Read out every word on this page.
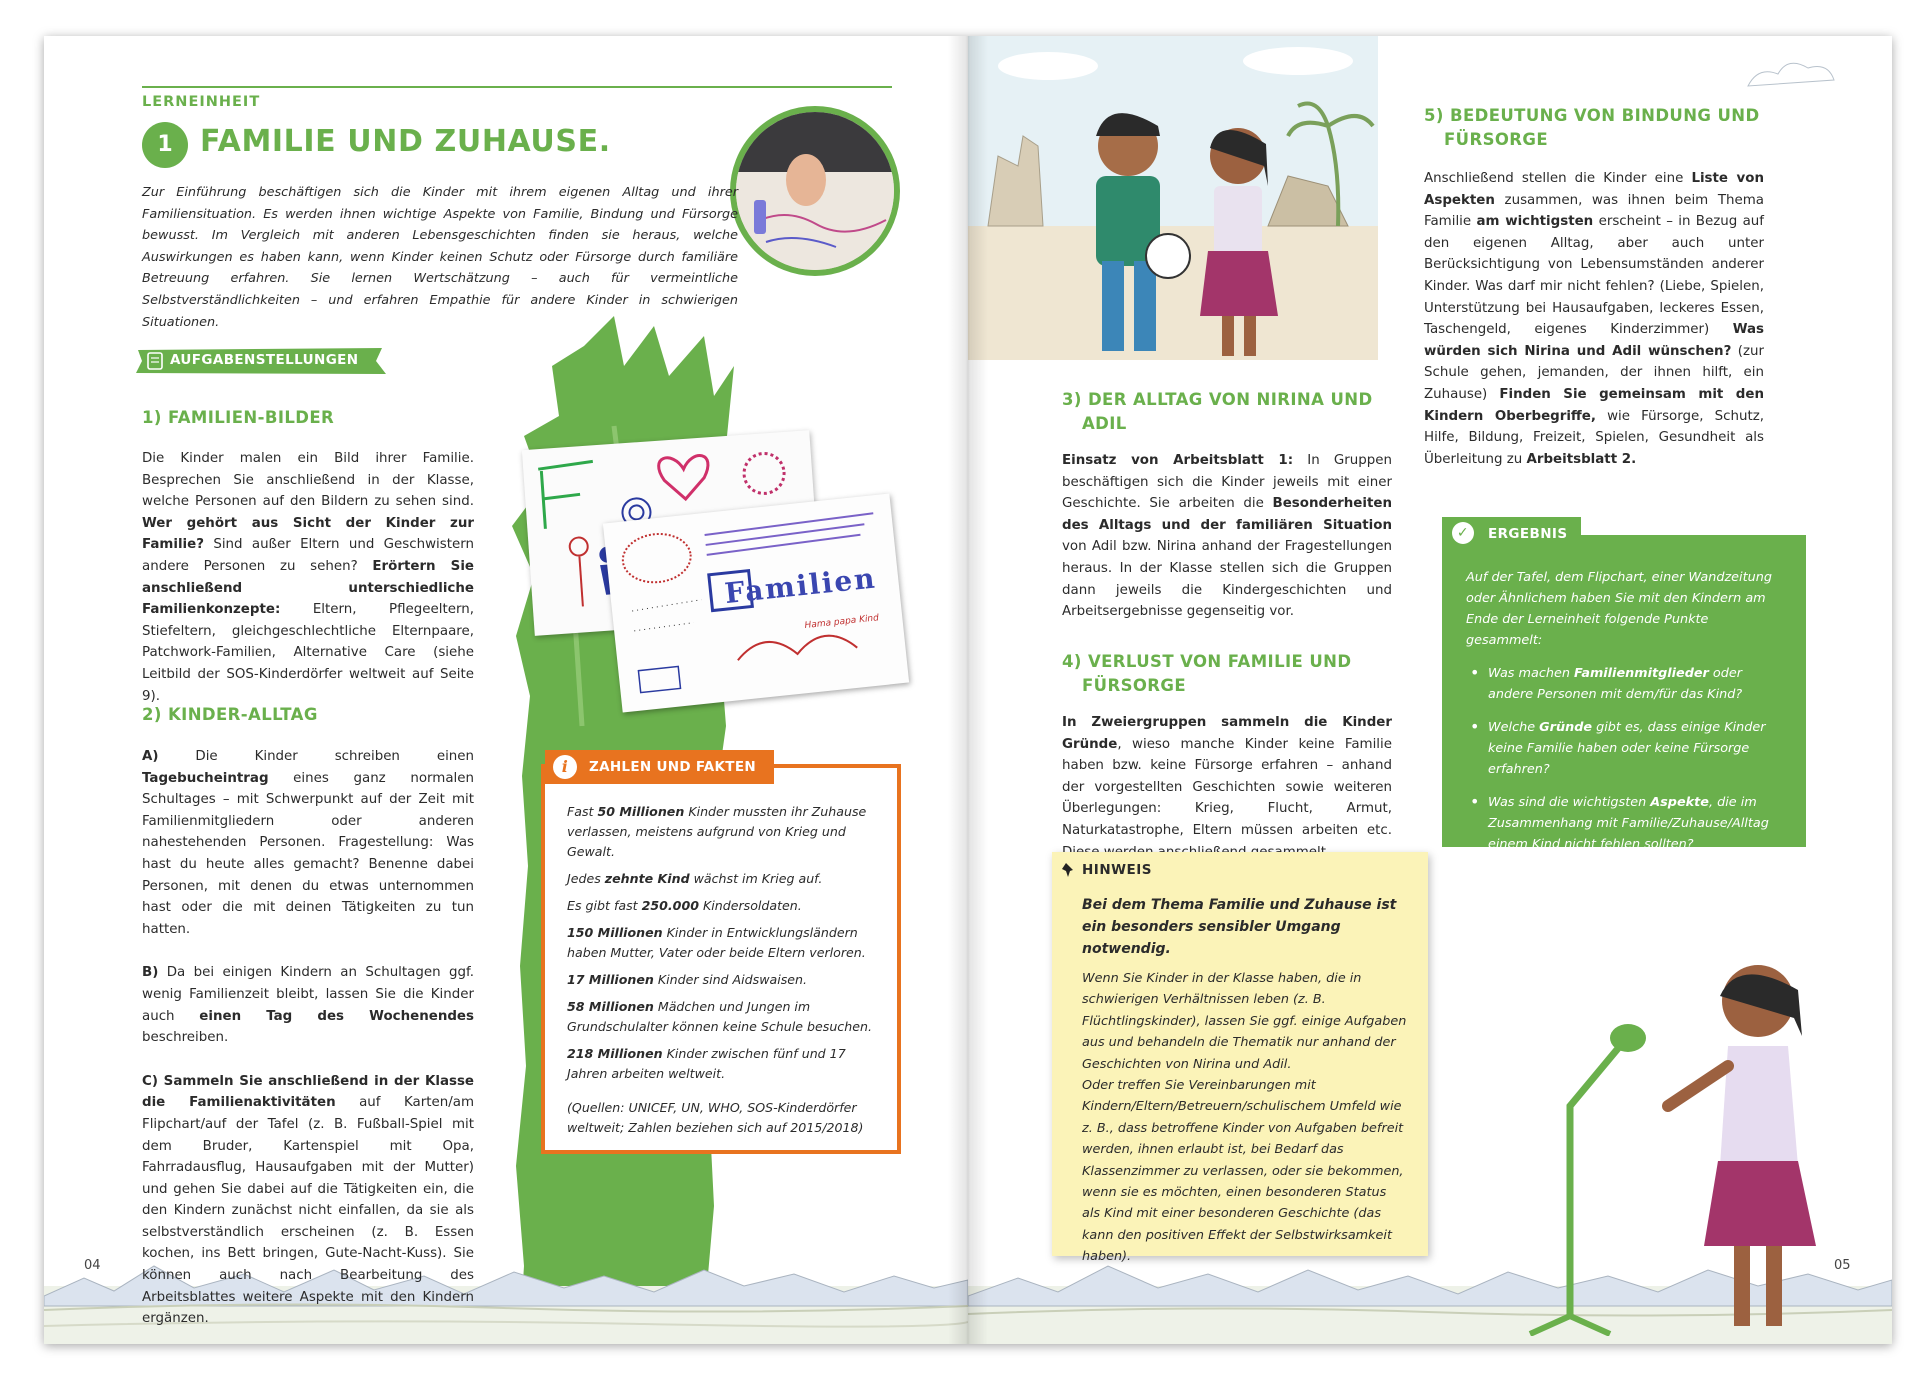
LERNEINHEIT
1 FAMILIE UND ZUHAUSE.

Zur Einführung beschäftigen sich die Kinder mit ihrem eigenen Alltag und ihrer Familiensituation. Es werden ihnen wichtige Aspekte von Familie, Bindung und Fürsorge bewusst. Im Vergleich mit anderen Lebensgeschichten finden sie heraus, welche Auswirkungen es haben kann, wenn Kinder keinen Schutz oder Fürsorge durch familiäre Betreuung erfahren. Sie lernen Wertschätzung – auch für vermeintliche Selbstverständlichkeiten – und erfahren Empathie für andere Kinder in schwierigen Situationen.

AUFGABENSTELLUNGEN

1) FAMILIEN-BILDER

Die Kinder malen ein Bild ihrer Familie. Besprechen Sie anschließend in der Klasse, welche Personen auf den Bildern zu sehen sind. Wer gehört aus Sicht der Kinder zur Familie? Sind außer Eltern und Geschwistern andere Personen zu sehen? Erörtern Sie anschließend unterschiedliche Familienkonzepte: Eltern, Pflegeeltern, Stiefeltern, gleichgeschlechtliche Elternpaare, Patchwork-Familien, Alternative Care (siehe Leitbild der SOS-Kinderdörfer weltweit auf Seite 9).

2) KINDER-ALLTAG

A) Die Kinder schreiben einen Tagebucheintrag eines ganz normalen Schultages – mit Schwerpunkt auf der Zeit mit Familienmitgliedern oder anderen nahestehenden Personen. Fragestellung: Was hast du heute alles gemacht? Benenne dabei Personen, mit denen du etwas unternommen hast oder die mit deinen Tätigkeiten zu tun hatten.

B) Da bei einigen Kindern an Schultagen ggf. wenig Familienzeit bleibt, lassen Sie die Kinder auch einen Tag des Wochenendes beschreiben.

C) Sammeln Sie anschließend in der Klasse die Familienaktivitäten auf Karten/am Flipchart/auf der Tafel (z. B. Fußball-Spiel mit dem Bruder, Kartenspiel mit Opa, Fahrradausflug, Hausaufgaben mit der Mutter) und gehen Sie dabei auf die Tätigkeiten ein, die den Kindern zunächst nicht einfallen, da sie als selbstverständlich erscheinen (z. B. Essen kochen, ins Bett bringen, Gute-Nacht-Kuss). Sie können auch nach Bearbeitung des Arbeitsblattes weitere Aspekte mit den Kindern ergänzen.

Familien
Hama papa Kind
i	ZAHLEN UND FAKTEN

Fast 50 Millionen Kinder mussten ihr Zuhause verlassen, meistens aufgrund von Krieg und Gewalt.

Jedes zehnte Kind wächst im Krieg auf.

Es gibt fast 250.000 Kindersoldaten.

150 Millionen Kinder in Entwicklungsländern haben Mutter, Vater oder beide Eltern verloren.

17 Millionen Kinder sind Aidswaisen.

58 Millionen Mädchen und Jungen im Grundschulalter können keine Schule besuchen.

218 Millionen Kinder zwischen fünf und 17 Jahren arbeiten weltweit.

(Quellen: UNICEF, UN, WHO, SOS-Kinderdörfer weltweit; Zahlen beziehen sich auf 2015/2018)

04

3) DER ALLTAG VON NIRINA UND

ADIL

Einsatz von Arbeitsblatt 1: In Gruppen beschäftigen sich die Kinder jeweils mit einer Geschichte. Sie arbeiten die Besonderheiten des Alltags und der familiären Situation von Adil bzw. Nirina anhand der Fragestellungen heraus. In der Klasse stellen sich die Gruppen dann jeweils die Kindergeschichten und Arbeitsergebnisse gegenseitig vor.

4) VERLUST VON FAMILIE UND

FÜRSORGE

In Zweiergruppen sammeln die Kinder Gründe, wieso manche Kinder keine Familie haben bzw. keine Fürsorge erfahren – anhand der vorgestellten Geschichten sowie weiteren Überlegungen: Krieg, Flucht, Armut, Naturkatastrophe, Eltern müssen arbeiten etc.

5) BEDEUTUNG VON BINDUNG UND

FÜRSORGE

Anschließend stellen die Kinder eine Liste von Aspekten zusammen, was ihnen beim Thema Familie am wichtigsten erscheint – in Bezug auf den eigenen Alltag, aber auch unter Berücksichtigung von Lebensumständen anderer Kinder. Was darf mir nicht fehlen? (Liebe, Spielen, Unterstützung bei Hausaufgaben, leckeres Essen, Taschengeld, eigenes Kinderzimmer) Was würden sich Nirina und Adil wünschen? (zur Schule gehen, jemanden, der ihnen hilft, ein Zuhause) Finden Sie gemeinsam mit den Kindern Oberbegriffe, wie Fürsorge, Schutz, Hilfe, Bildung, Freizeit, Spielen, Gesundheit als Überleitung zu Arbeitsblatt 2.

05
✓	ERGEBNIS

Auf der Tafel, dem Flipchart, einer Wandzeitung oder Ähnlichem haben Sie mit den Kindern am Ende der Lerneinheit folgende Punkte gesammelt:

• Was machen Familienmitglieder oder andere Personen mit dem/für das Kind?

• Welche Gründe gibt es, dass einige Kinder keine Familie haben oder keine Fürsorge erfahren?

• Was sind die wichtigsten Aspekte, die im Zusammenhang mit Familie/Zuhause/Alltag einem Kind nicht fehlen sollten?

HINWEIS

Bei dem Thema Familie und Zuhause ist ein besonders sensibler Umgang notwendig.

Wenn Sie Kinder in der Klasse haben, die in schwierigen Verhältnissen leben (z. B. Flüchtlingskinder), lassen Sie ggf. einige Aufgaben aus und behandeln die Thematik nur anhand der Geschichten von Nirina und Adil.

Oder treffen Sie Vereinbarungen mit Kindern/Eltern/Betreuern/schulischem Umfeld wie z. B., dass betroffene Kinder von Aufgaben befreit werden, ihnen erlaubt ist, bei Bedarf das Klassenzimmer zu verlassen, oder sie bekommen, wenn sie es möchten, einen besonderen Status als Kind mit einer besonderen Geschichte (das kann den positiven Effekt der Selbstwirksamkeit haben).
